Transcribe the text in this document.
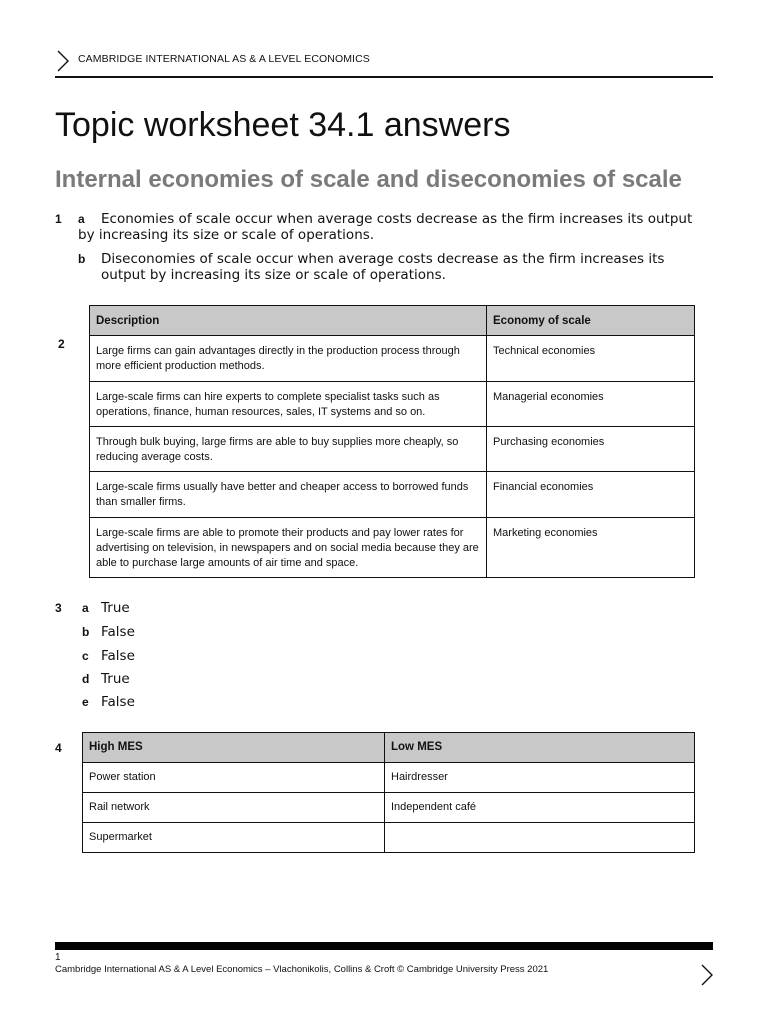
CAMBRIDGE INTERNATIONAL AS & A LEVEL ECONOMICS
Topic worksheet 34.1 answers
Internal economies of scale and diseconomies of scale
1 a	Economies of scale occur when average costs decrease as the firm increases its output by increasing its size or scale of operations.
b Diseconomies of scale occur when average costs decrease as the firm increases its output by increasing its size or scale of operations.
2
Description	Economy of scale
Large firms can gain advantages directly in the production process through more efficient production methods.	Technical economies
Large-scale firms can hire experts to complete specialist tasks such as operations, finance, human resources, sales, IT systems and so on.	Managerial economies
Through bulk buying, large firms are able to buy supplies more cheaply, so reducing average costs.	Purchasing economies
Large-scale firms usually have better and cheaper access to borrowed funds than smaller firms.	Financial economies
Large-scale firms are able to promote their products and pay lower rates for advertising on television, in newspapers and on social media because they are able to purchase large amounts of air time and space.	Marketing economies
3 a True
b False
c False
d True
e False
4 High MES	Low MES
Power station	Hairdresser
Rail network	Independent café
Supermarket	
1
Cambridge International AS & A Level Economics – Vlachonikolis, Collins & Croft © Cambridge University Press 2021
